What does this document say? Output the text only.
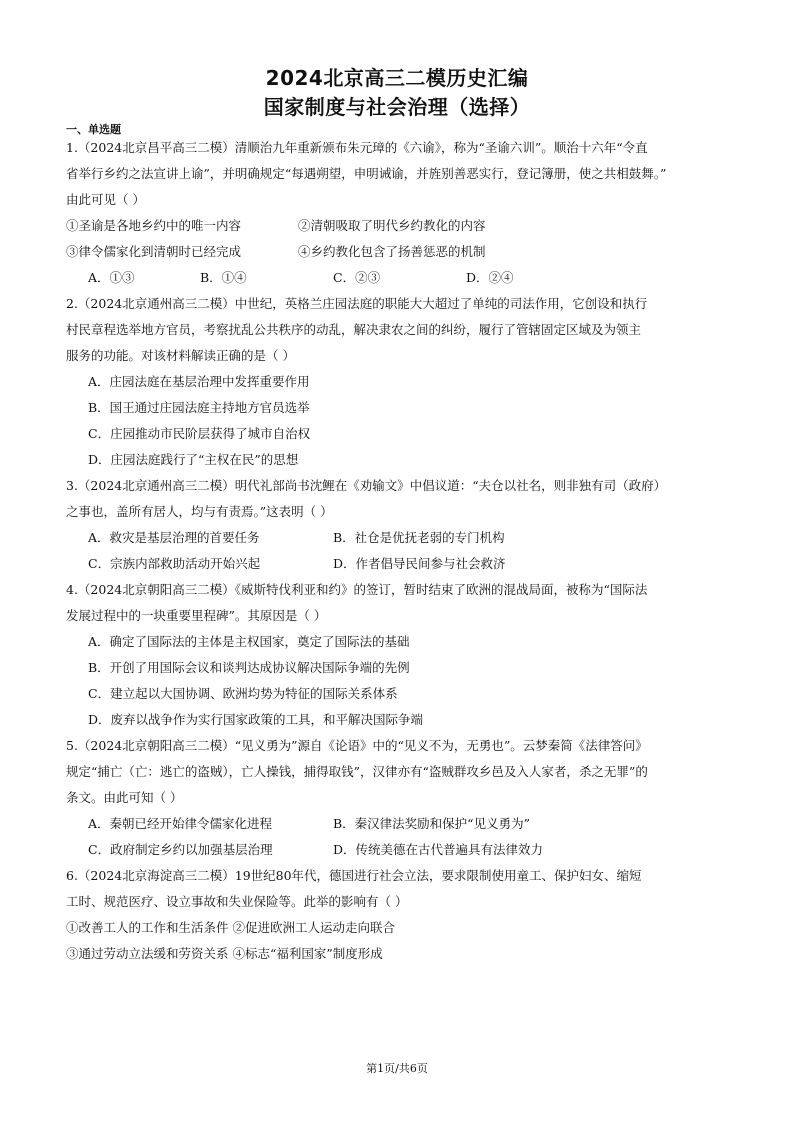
2024北京高三二模历史汇编
国家制度与社会治理（选择）
一、单选题
1.（2024北京昌平高三二模）清顺治九年重新颁布朱元璋的《六谕》，称为“圣谕六训”。顺治十六年“令直
省举行乡约之法宣讲上谕”，并明确规定“每遇朔望，申明诫谕，并旌别善恶实行，登记簿册，使之共相鼓舞。”
由此可见（ ）
①圣谕是各地乡约中的唯一内容	②清朝吸取了明代乡约教化的内容
③律令儒家化到清朝时已经完成	④乡约教化包含了扬善惩恶的机制
A．①③	B．①④	C．②③	D．②④
2.（2024北京通州高三二模）中世纪，英格兰庄园法庭的职能大大超过了单纯的司法作用，它创设和执行
村民章程选举地方官员，考察扰乱公共秩序的动乱，解决隶农之间的纠纷，履行了管辖固定区域及为领主
服务的功能。对该材料解读正确的是（ ）
A．庄园法庭在基层治理中发挥重要作用
B．国王通过庄园法庭主持地方官员选举
C．庄园推动市民阶层获得了城市自治权
D．庄园法庭践行了“主权在民”的思想
3.（2024北京通州高三二模）明代礼部尚书沈鲤在《劝输文》中倡议道：“夫仓以社名，则非独有司（政府）
之事也，盖所有居人，均与有责焉。”这表明（ ）
A．救灾是基层治理的首要任务	B．社仓是优抚老弱的专门机构
C．宗族内部救助活动开始兴起	D．作者倡导民间参与社会救济
4.（2024北京朝阳高三二模）《威斯特伐利亚和约》的签订，暂时结束了欧洲的混战局面，被称为“国际法
发展过程中的一块重要里程碑”。其原因是（ ）
A．确定了国际法的主体是主权国家，奠定了国际法的基础
B．开创了用国际会议和谈判达成协议解决国际争端的先例
C．建立起以大国协调、欧洲均势为特征的国际关系体系
D．废弃以战争作为实行国家政策的工具，和平解决国际争端
5.（2024北京朝阳高三二模）“见义勇为”源自《论语》中的“见义不为，无勇也”。云梦秦简《法律答问》
规定“捕亡（亡：逃亡的盗贼），亡人操钱，捕得取钱”，汉律亦有“盗贼群攻乡邑及入人家者，杀之无罪”的
条文。由此可知（ ）
A．秦朝已经开始律令儒家化进程	B．秦汉律法奖励和保护“见义勇为”
C．政府制定乡约以加强基层治理	D．传统美德在古代普遍具有法律效力
6.（2024北京海淀高三二模）19世纪80年代，德国进行社会立法，要求限制使用童工、保护妇女、缩短
工时、规范医疗、设立事故和失业保险等。此举的影响有（ ）
①改善工人的工作和生活条件 ②促进欧洲工人运动走向联合
③通过劳动立法缓和劳资关系 ④标志“福利国家”制度形成
第1页/共6页
